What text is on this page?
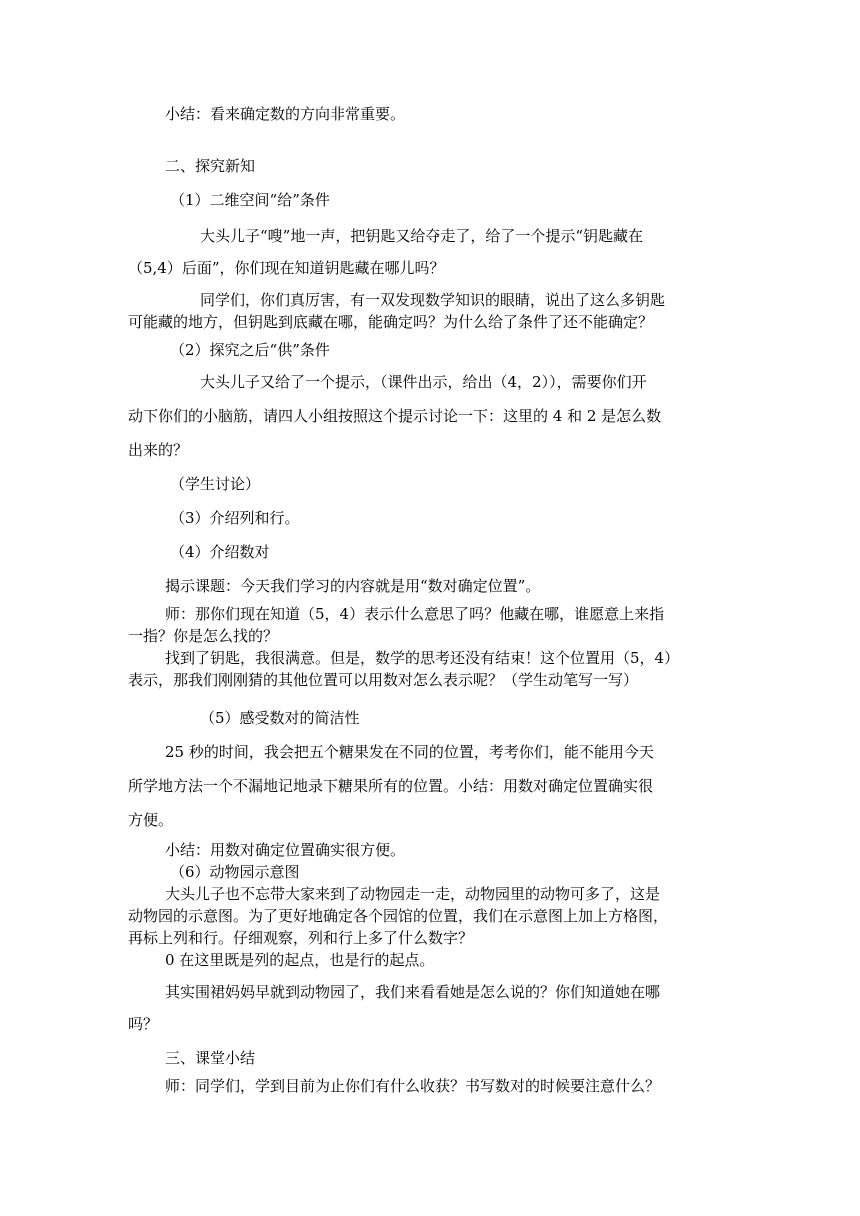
小结：看来确定数的方向非常重要。
二、探究新知
（1）二维空间“给”条件
大头儿子“嗖”地一声，把钥匙又给夺走了，给了一个提示“钥匙藏在
（5,4）后面”，你们现在知道钥匙藏在哪儿吗？
同学们，你们真厉害，有一双发现数学知识的眼睛，说出了这么多钥匙
可能藏的地方，但钥匙到底藏在哪，能确定吗？为什么给了条件了还不能确定？
（2）探究之后“供”条件
大头儿子又给了一个提示，（课件出示，给出（4，2）），需要你们开
动下你们的小脑筋，请四人小组按照这个提示讨论一下：这里的 4 和 2 是怎么数
出来的？
（学生讨论）
（3）介绍列和行。
（4）介绍数对
揭示课题：今天我们学习的内容就是用“数对确定位置”。
师：那你们现在知道（5，4）表示什么意思了吗？他藏在哪，谁愿意上来指
一指？你是怎么找的？
找到了钥匙，我很满意。但是，数学的思考还没有结束！这个位置用（5，4）
表示，那我们刚刚猜的其他位置可以用数对怎么表示呢？（学生动笔写一写）
（5）感受数对的简洁性
25 秒的时间，我会把五个糖果发在不同的位置，考考你们，能不能用今天
所学地方法一个不漏地记地录下糖果所有的位置。小结：用数对确定位置确实很
方便。
小结：用数对确定位置确实很方便。
（6）动物园示意图
大头儿子也不忘带大家来到了动物园走一走，动物园里的动物可多了，这是
动物园的示意图。为了更好地确定各个园馆的位置，我们在示意图上加上方格图，
再标上列和行。仔细观察，列和行上多了什么数字？
0 在这里既是列的起点，也是行的起点。
其实围裙妈妈早就到动物园了，我们来看看她是怎么说的？你们知道她在哪
吗？
三、课堂小结
师：同学们，学到目前为止你们有什么收获？书写数对的时候要注意什么？
